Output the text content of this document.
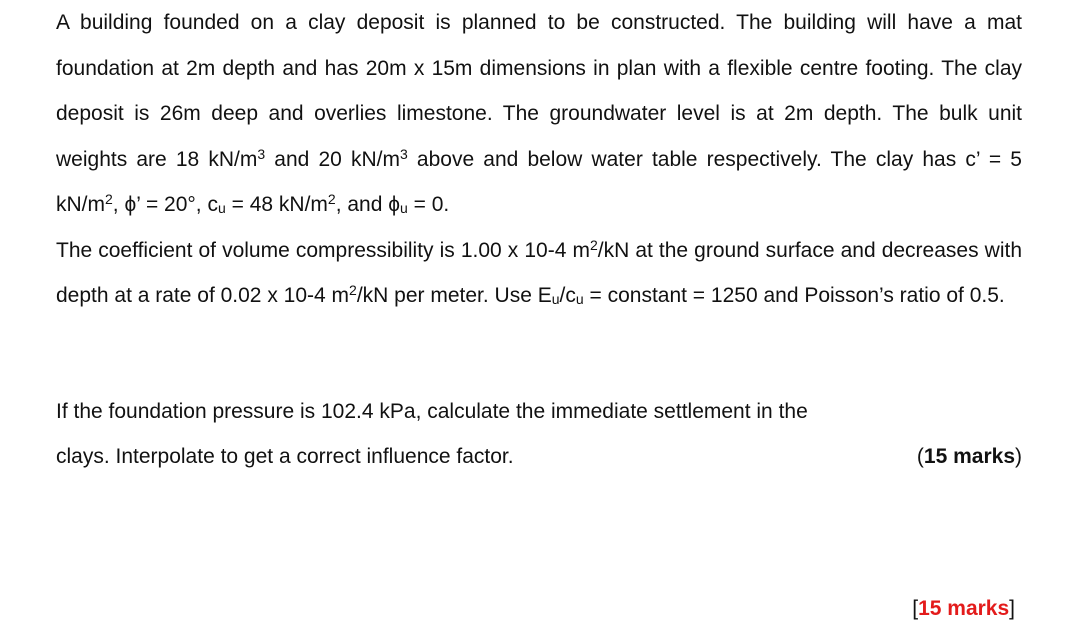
A building founded on a clay deposit is planned to be constructed. The building will have a mat foundation at 2m depth and has 20m x 15m dimensions in plan with a flexible centre footing. The clay deposit is 26m deep and overlies limestone. The groundwater level is at 2m depth. The bulk unit weights are 18 $kN/m^3$ and 20 $kN/m^3$ above and below water table respectively. The clay has c’ = 5 $kN/m^2$, ϕ’ = 20°, $c_u = 48$ $kN/m^2$, and $\phi_u = 0$.

The coefficient of volume compressibility is 1.00 x 10-4 $m^2/kN$ at the ground surface and decreases with depth at a rate of 0.02 x 10-4 $m^2/kN$ per meter. Use $E_u/c_u$ = constant = 1250 and Poisson’s ratio of 0.5.

If the foundation pressure is 102.4 kPa, calculate the immediate settlement in the

clays. Interpolate to get a correct influence factor.	(15 marks)
[15 marks]
